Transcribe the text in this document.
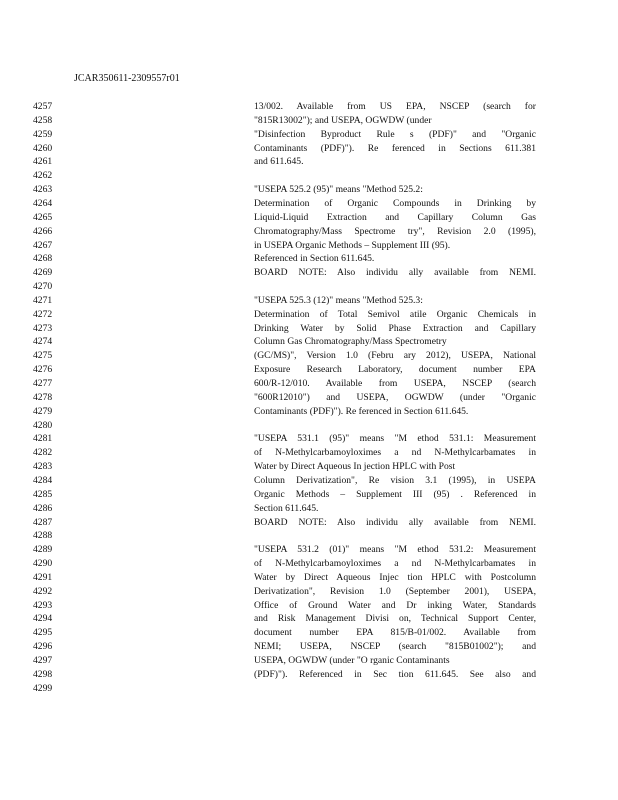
JCAR350611-2309557r01
4257	13/002. Available from US EPA, NSCEP (search for
4258	"815R13002"); and USEPA, OGWDW (under
4259	"Disinfection Byproduct Rule s (PDF)" and "Organic
4260	Contaminants (PDF)"). Re ferenced in Sections 611.381
4261	and 611.645.
4262
4263	"USEPA 525.2 (95)" means "Method 525.2:
4264	Determination of Organic Compounds in Drinking by
4265	Liquid-Liquid Extraction and Capillary Column Gas
4266	Chromatography/Mass Spectrome try", Revision 2.0 (1995),
4267	in USEPA Organic Methods – Supplement III (95).
4268	Referenced in Section 611.645.
4269	BOARD NOTE: Also individu ally available from NEMI.
4270
4271	"USEPA 525.3 (12)" means "Method 525.3:
4272	Determination of Total Semivol atile Organic Chemicals in
4273	Drinking Water by Solid Phase Extraction and Capillary
4274	Column Gas Chromatography/Mass Spectrometry
4275	(GC/MS)", Version 1.0 (Febru ary 2012), USEPA, National
4276	Exposure Research Laboratory, document number EPA
4277	600/R-12/010. Available from USEPA, NSCEP (search
4278	"600R12010") and USEPA, OGWDW (under "Organic
4279	Contaminants (PDF)"). Re ferenced in Section 611.645.
4280
4281	"USEPA 531.1 (95)" means "M ethod 531.1: Measurement
4282	of N-Methylcarbamoyloximes a nd N-Methylcarbamates in
4283	Water by Direct Aqueous In jection HPLC with Post
4284	Column Derivatization", Re vision 3.1 (1995), in USEPA
4285	Organic Methods – Supplement III (95) . Referenced in
4286	Section 611.645.
4287	BOARD NOTE: Also individu ally available from NEMI.
4288
4289	"USEPA 531.2 (01)" means "M ethod 531.2: Measurement
4290	of N-Methylcarbamoyloximes a nd N-Methylcarbamates in
4291	Water by Direct Aqueous Injec tion HPLC with Postcolumn
4292	Derivatization", Revision 1.0 (September 2001), USEPA,
4293	Office of Ground Water and Dr inking Water, Standards
4294	and Risk Management Divisi on, Technical Support Center,
4295	document number EPA 815/B-01/002. Available from
4296	NEMI; USEPA, NSCEP (search "815B01002"); and
4297	USEPA, OGWDW (under "O rganic Contaminants
4298	(PDF)"). Referenced in Sec tion 611.645. See also and
4299
